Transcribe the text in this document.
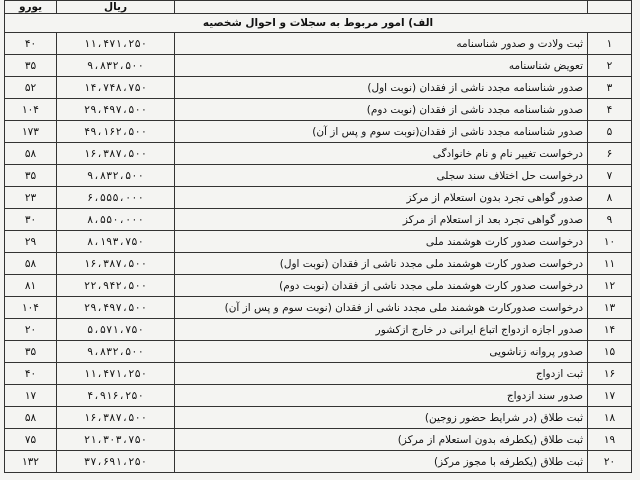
		ریال	یورو
الف) امور مربوط به سجلات و احوال شخصیه			
۱	ثبت ولادت و صدور شناسنامه	۱۱،۴۷۱،۲۵۰	۴۰
۲	تعویض شناسنامه	۹،۸۳۲،۵۰۰	۳۵
۳	صدور شناسنامه مجدد ناشی از فقدان (نوبت اول)	۱۴،۷۴۸،۷۵۰	۵۲
۴	صدور شناسنامه مجدد ناشی از فقدان (نوبت دوم)	۲۹،۴۹۷،۵۰۰	۱۰۴
۵	صدور شناسنامه مجدد ناشی از فقدان(نوبت سوم و پس از آن)	۴۹،۱۶۲،۵۰۰	۱۷۳
۶	درخواست تغییر نام و نام خانوادگی	۱۶،۳۸۷،۵۰۰	۵۸
۷	درخواست حل اختلاف سند سجلی	۹،۸۳۲،۵۰۰	۳۵
۸	صدور گواهی تجرد بدون استعلام از مرکز	۶،۵۵۵،۰۰۰	۲۳
۹	صدور گواهی تجرد بعد از استعلام از مرکز	۸،۵۵۰،۰۰۰	۳۰
۱۰	درخواست صدور کارت هوشمند ملی	۸،۱۹۳،۷۵۰	۲۹
۱۱	درخواست صدور کارت هوشمند ملی مجدد ناشی از فقدان (نوبت اول)	۱۶،۳۸۷،۵۰۰	۵۸
۱۲	درخواست صدور کارت هوشمند ملی مجدد ناشی از فقدان (نوبت دوم)	۲۲،۹۴۲،۵۰۰	۸۱
۱۳	درخواست صدورکارت هوشمند ملی مجدد ناشی از فقدان (نوبت سوم و پس از آن)	۲۹،۴۹۷،۵۰۰	۱۰۴
۱۴	صدور اجازه ازدواج اتباع ایرانی در خارج ازکشور	۵،۵۷۱،۷۵۰	۲۰
۱۵	صدور پروانه زناشویی	۹،۸۳۲،۵۰۰	۳۵
۱۶	ثبت ازدواج	۱۱،۴۷۱،۲۵۰	۴۰
۱۷	صدور سند ازدواج	۴،۹۱۶،۲۵۰	۱۷
۱۸	ثبت طلاق (در شرایط حضور زوجین)	۱۶،۳۸۷،۵۰۰	۵۸
۱۹	ثبت طلاق (یکطرفه بدون استعلام از مرکز)	۲۱،۳۰۳،۷۵۰	۷۵
۲۰	ثبت طلاق (یکطرفه با مجوز مرکز)	۳۷،۶۹۱،۲۵۰	۱۳۲
